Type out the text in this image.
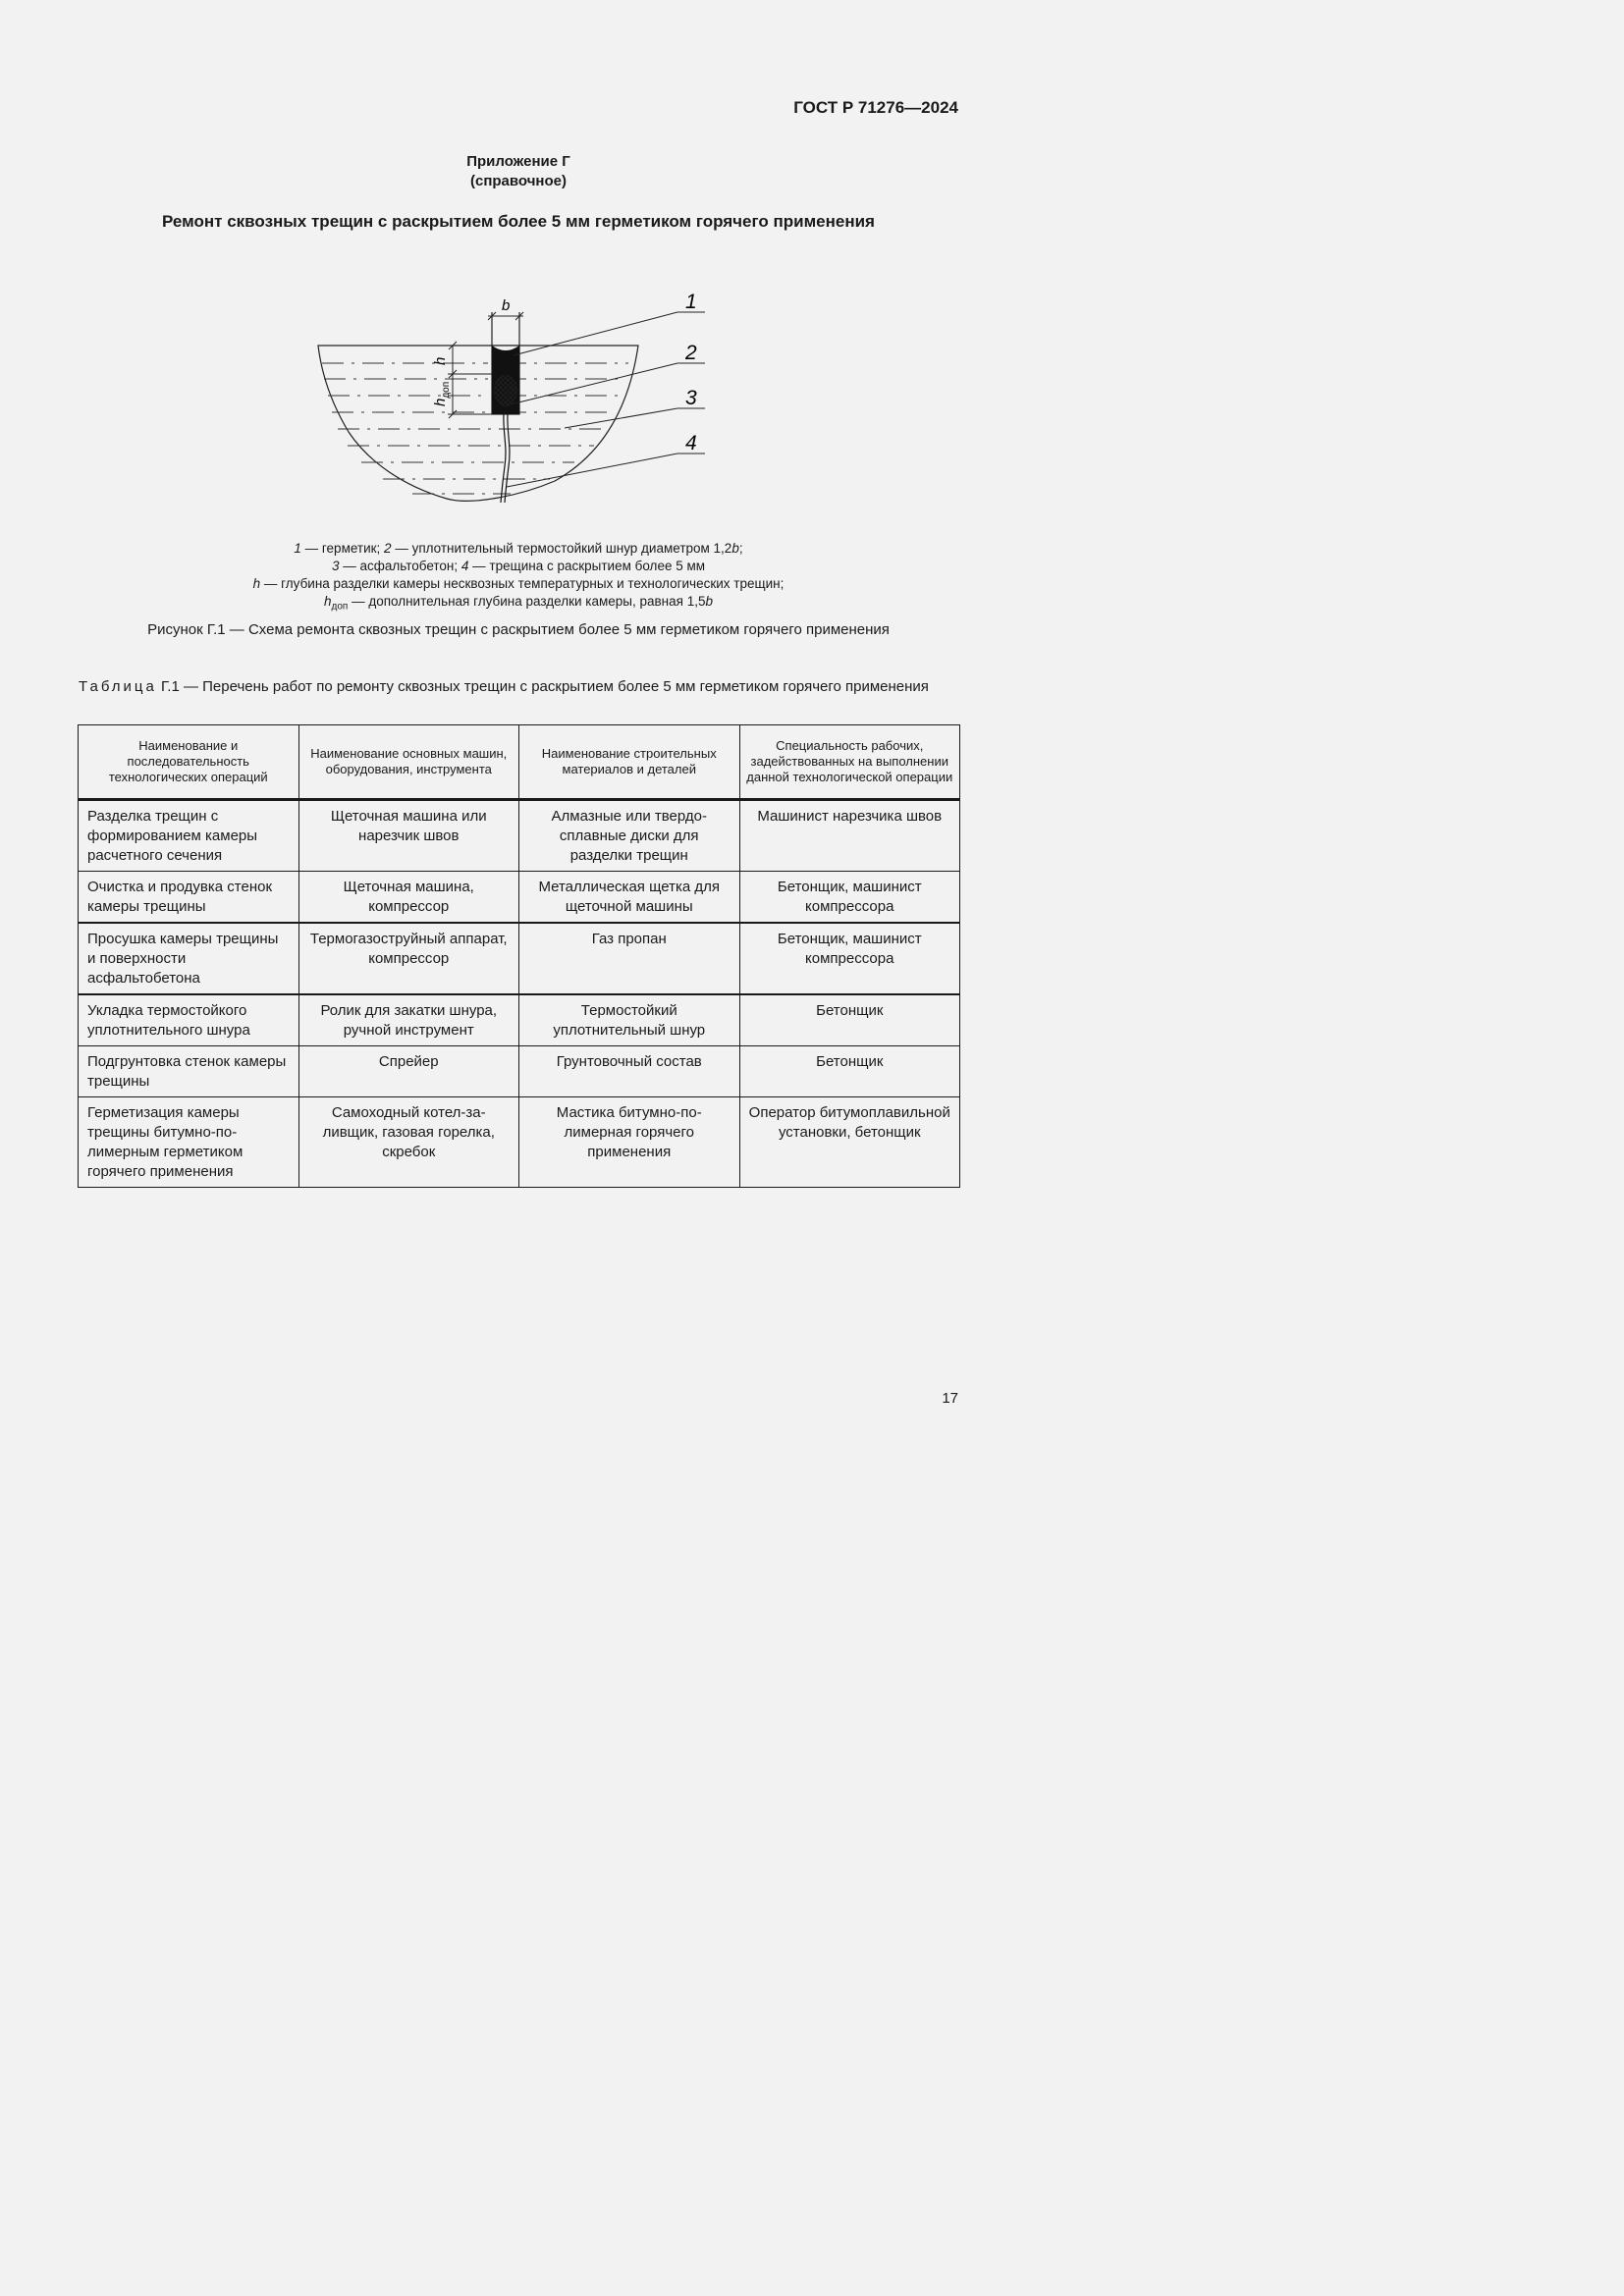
ГОСТ Р 71276—2024
Приложение Г
(справочное)
Ремонт сквозных трещин с раскрытием более 5 мм герметиком горячего применения
b
h
$h_{доп}$
1
2
3
4
1 — герметик; 2 — уплотнительный термостойкий шнур диаметром 1,2b;
3 — асфальтобетон; 4 — трещина с раскрытием более 5 мм
h — глубина разделки камеры несквозных температурных и технологических трещин;
$h_{доп}$ — дополнительная глубина разделки камеры, равная 1,5b
Рисунок Г.1 — Схема ремонта сквозных трещин с раскрытием более 5 мм герметиком горячего применения
Таблица Г.1 — Перечень работ по ремонту сквозных трещин с раскрытием более 5 мм герметиком горячего применения
Наименование и последовательность технологических операций	Наименование основных машин, оборудования, инструмента	Наименование строительных материалов и деталей	Специальность рабочих, задействованных на выполнении данной технологической операции
Разделка трещин с формированием камеры расчетного сечения	Щеточная машина или нарезчик швов	Алмазные или твердосплавные диски для разделки трещин	Машинист нарезчика швов
Очистка и продувка стенок камеры трещины	Щеточная машина, компрессор	Металлическая щетка для щеточной машины	Бетонщик, машинист компрессора
Просушка камеры трещины и поверхности асфальтобетона	Термогазоструйный аппарат, компрессор	Газ пропан	Бетонщик, машинист компрессора
Укладка термостойкого уплотнительного шнура	Ролик для закатки шнура, ручной инструмент	Термостойкий уплотнительный шнур	Бетонщик
Подгрунтовка стенок камеры трещины	Спрейер	Грунтовочный состав	Бетонщик
Герметизация камеры трещины битумно-полимерным герметиком горячего применения	Самоходный котел-заливщик, газовая горелка, скребок	Мастика битумно-полимерная горячего применения	Оператор битумоплавильной установки, бетонщик
17
